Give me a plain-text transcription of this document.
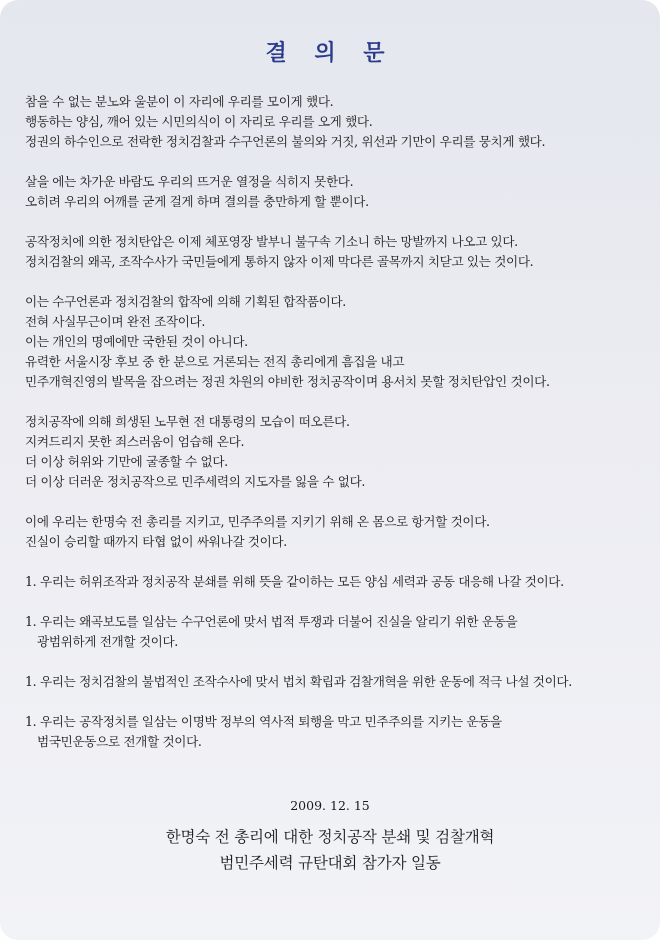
결 의 문
참을 수 없는 분노와 울분이 이 자리에 우리를 모이게 했다.
행동하는 양심, 깨어 있는 시민의식이 이 자리로 우리를 오게 했다.
정권의 하수인으로 전락한 정치검찰과 수구언론의 불의와 거짓, 위선과 기만이 우리를 뭉치게 했다.
살을 에는 차가운 바람도 우리의 뜨거운 열정을 식히지 못한다.
오히려 우리의 어깨를 굳게 걸게 하며 결의를 충만하게 할 뿐이다.
공작정치에 의한 정치탄압은 이제 체포영장 발부니 불구속 기소니 하는 망발까지 나오고 있다.
정치검찰의 왜곡, 조작수사가 국민들에게 통하지 않자 이제 막다른 골목까지 치닫고 있는 것이다.
이는 수구언론과 정치검찰의 합작에 의해 기획된 합작품이다.
전혀 사실무근이며 완전 조작이다.
이는 개인의 명예에만 국한된 것이 아니다.
유력한 서울시장 후보 중 한 분으로 거론되는 전직 총리에게 흠집을 내고
민주개혁진영의 발목을 잡으려는 정권 차원의 야비한 정치공작이며 용서치 못할 정치탄압인 것이다.
정치공작에 의해 희생된 노무현 전 대통령의 모습이 떠오른다.
지켜드리지 못한 죄스러움이 엄습해 온다.
더 이상 허위와 기만에 굴종할 수 없다.
더 이상 더러운 정치공작으로 민주세력의 지도자를 잃을 수 없다.
이에 우리는 한명숙 전 총리를 지키고, 민주주의를 지키기 위해 온 몸으로 항거할 것이다.
진실이 승리할 때까지 타협 없이 싸워나갈 것이다.
1. 우리는 허위조작과 정치공작 분쇄를 위해 뜻을 같이하는 모든 양심 세력과 공동 대응해 나갈 것이다.
1. 우리는 왜곡보도를 일삼는 수구언론에 맞서 법적 투쟁과 더불어 진실을 알리기 위한 운동을
광범위하게 전개할 것이다.
1. 우리는 정치검찰의 불법적인 조작수사에 맞서 법치 확립과 검찰개혁을 위한 운동에 적극 나설 것이다.
1. 우리는 공작정치를 일삼는 이명박 정부의 역사적 퇴행을 막고 민주주의를 지키는 운동을
범국민운동으로 전개할 것이다.
2009. 12. 15
한명숙 전 총리에 대한 정치공작 분쇄 및 검찰개혁
범민주세력 규탄대회 참가자 일동
